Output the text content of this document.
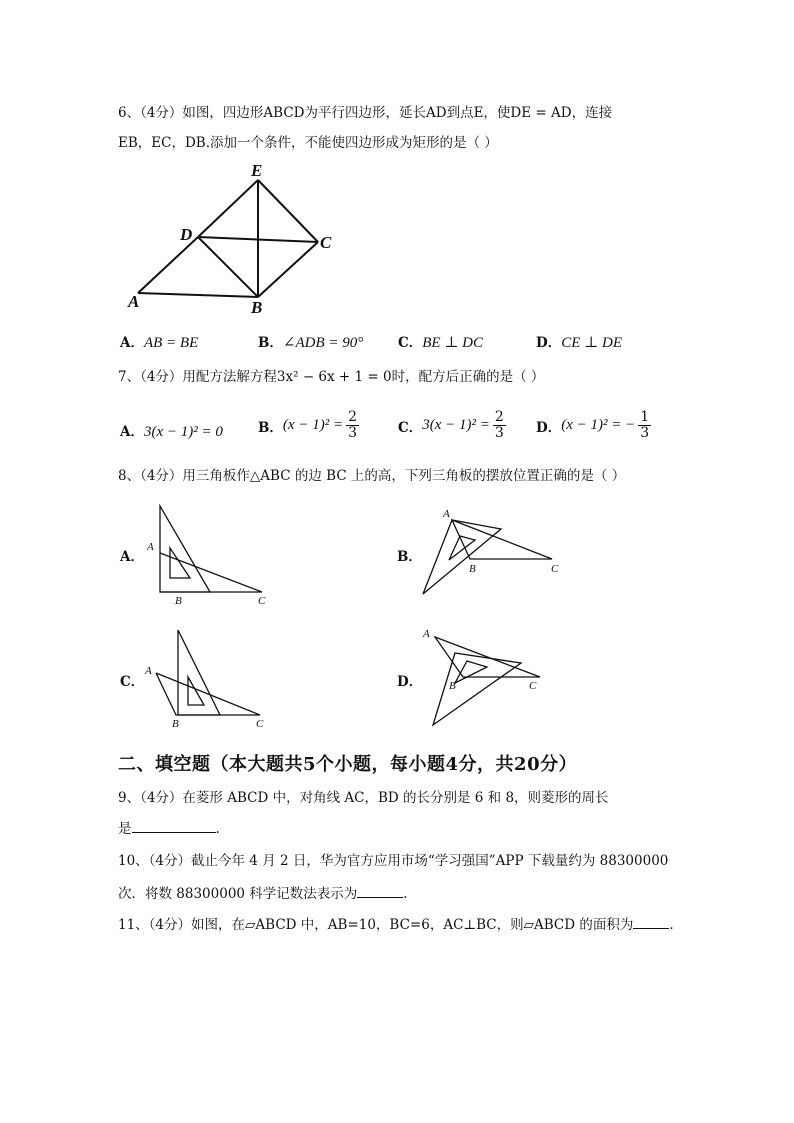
6、（4分）如图，四边形ABCD为平行四边形，延长AD到点E，使DE = AD，连接
EB，EC，DB.添加一个条件，不能使四边形成为矩形的是（ ）
E
D	C
A	B
A．AB = BE	B．∠ADB = 90°	C．BE ⊥ DC	D．CE ⊥ DE
7、（4分）用配方法解方程3x² − 6x + 1 = 0时，配方后正确的是（ ）
A．3(x − 1)² = 0	B． $(x - 1)^2 = \frac{2}{3}$	C． $3(x - 1)^2 = \frac{2}{3}$ D． (x − 1)² = − $\frac{1}{3}$
8、（4分）用三角板作△ABC 的边 BC 上的高，下列三角板的摆放位置正确的是（ ）
A．
A
B	C
B．
A
B	C
C．
A
B	C
D．
A
B	C
二、填空题（本大题共5个小题，每小题4分，共20分）
9、（4分）在菱形 ABCD 中，对角线 AC，BD 的长分别是 6 和 8，则菱形的周长
是	.
10、（4分）截止今年 4 月 2 日，华为官方应用市场“学习强国”APP 下载量约为 88300000
次．将数 88300000 科学记数法表示为	.
11、（4分）如图，在▱ABCD 中，AB=10，BC=6，AC⊥BC，则▱ABCD 的面积为	.
